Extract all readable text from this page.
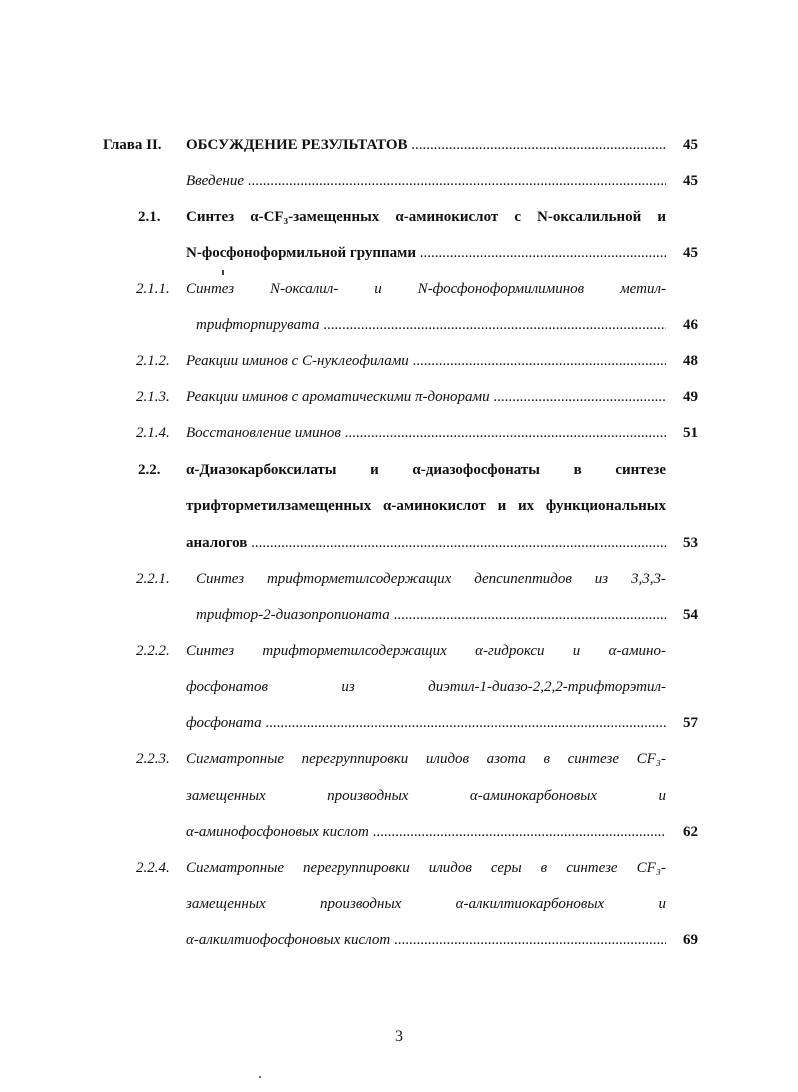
Глава II. ОБСУЖДЕНИЕ РЕЗУЛЬТАТОВ .....	45
Введение .....	45
2.1. Синтез α-CF₃-замещенных α-аминокислот с N-оксалильной и
N-фосфоноформильной группами .....	45
2.1.1. Синтез N-оксалил- и N-фосфоноформилиминов метил-
трифторпирувата .....	46
2.1.2. Реакции иминов с С-нуклеофилами .....	48
2.1.3. Реакции иминов с ароматическими π-донорами .....	49
2.1.4. Восстановление иминов .....	51
2.2. α-Диазокарбоксилаты и α-диазофосфонаты в синтезе
трифторметилзамещенных α-аминокислот и их функциональных
аналогов .....	53
2.2.1. Синтез трифторметилсодержащих депсипептидов из 3,3,3-
трифтор-2-диазопропионата .....	54
2.2.2. Синтез трифторметилсодержащих α-гидрокси и α-амино-
фосфонатов из диэтил-1-диазо-2,2,2-трифторэтил-
фосфоната .....	57
2.2.3. Сигматропные перегруппировки илидов азота в синтезе CF₃-
замещенных производных α-аминокарбоновых и
α-аминофосфоновых кислот .....	62
2.2.4. Сигматропные перегруппировки илидов серы в синтезе CF₃-
замещенных производных α-алкилтиокарбоновых и
α-алкилтиофосфоновых кислот .....	69
3
